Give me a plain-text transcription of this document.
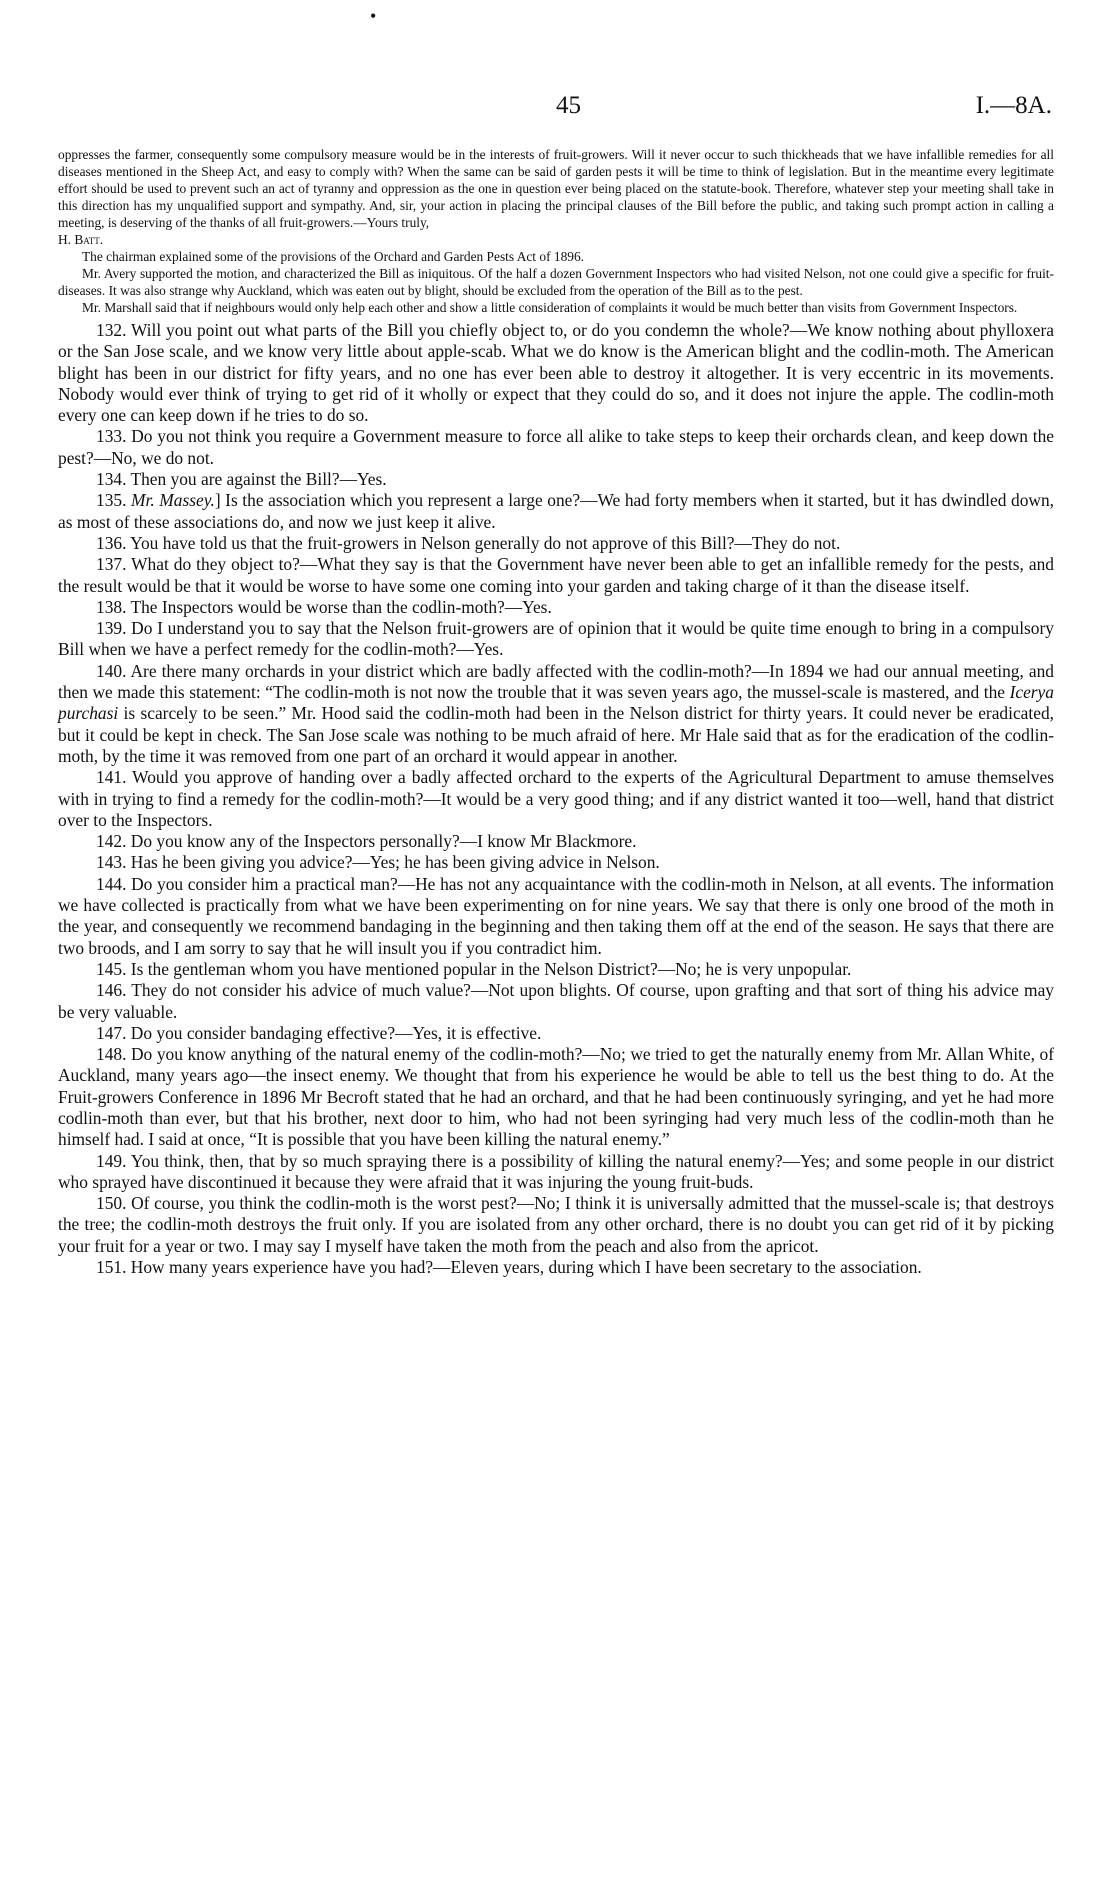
•
45	I.—8A.

oppresses the farmer, consequently some compulsory measure would be in the interests of fruit-growers. Will it never occur to such thickheads that we have infallible remedies for all diseases mentioned in the Sheep Act, and easy to comply with? When the same can be said of garden pests it will be time to think of legislation. But in the meantime every legitimate effort should be used to prevent such an act of tyranny and oppression as the one in question ever being placed on the statute-book. Therefore, whatever step your meeting shall take in this direction has my unqualified support and sympathy. And, sir, your action in placing the principal clauses of the Bill before the public, and taking such prompt action in calling a meeting, is deserving of the thanks of all fruit-growers.—Yours truly,

H. Batt.

The chairman explained some of the provisions of the Orchard and Garden Pests Act of 1896.

Mr. Avery supported the motion, and characterized the Bill as iniquitous. Of the half a dozen Government Inspectors who had visited Nelson, not one could give a specific for fruit-diseases. It was also strange why Auckland, which was eaten out by blight, should be excluded from the operation of the Bill as to the pest.

Mr. Marshall said that if neighbours would only help each other and show a little consideration of complaints it would be much better than visits from Government Inspectors.

132. Will you point out what parts of the Bill you chiefly object to, or do you condemn the whole?—We know nothing about phylloxera or the San Jose scale, and we know very little about apple-scab. What we do know is the American blight and the codlin-moth. The American blight has been in our district for fifty years, and no one has ever been able to destroy it altogether. It is very eccentric in its movements. Nobody would ever think of trying to get rid of it wholly or expect that they could do so, and it does not injure the apple. The codlin-moth every one can keep down if he tries to do so.

133. Do you not think you require a Government measure to force all alike to take steps to keep their orchards clean, and keep down the pest?—No, we do not.

134. Then you are against the Bill?—Yes.

135. Mr. Massey.] Is the association which you represent a large one?—We had forty members when it started, but it has dwindled down, as most of these associations do, and now we just keep it alive.

136. You have told us that the fruit-growers in Nelson generally do not approve of this Bill?—They do not.

137. What do they object to?—What they say is that the Government have never been able to get an infallible remedy for the pests, and the result would be that it would be worse to have some one coming into your garden and taking charge of it than the disease itself.

138. The Inspectors would be worse than the codlin-moth?—Yes.

139. Do I understand you to say that the Nelson fruit-growers are of opinion that it would be quite time enough to bring in a compulsory Bill when we have a perfect remedy for the codlin-moth?—Yes.

140. Are there many orchards in your district which are badly affected with the codlin-moth?—In 1894 we had our annual meeting, and then we made this statement: “The codlin-moth is not now the trouble that it was seven years ago, the mussel-scale is mastered, and the Icerya purchasi is scarcely to be seen.” Mr. Hood said the codlin-moth had been in the Nelson district for thirty years. It could never be eradicated, but it could be kept in check. The San Jose scale was nothing to be much afraid of here. Mr Hale said that as for the eradication of the codlin-moth, by the time it was removed from one part of an orchard it would appear in another.

141. Would you approve of handing over a badly affected orchard to the experts of the Agricultural Department to amuse themselves with in trying to find a remedy for the codlin-moth?—It would be a very good thing; and if any district wanted it too—well, hand that district over to the Inspectors.

142. Do you know any of the Inspectors personally?—I know Mr Blackmore.

143. Has he been giving you advice?—Yes; he has been giving advice in Nelson.

144. Do you consider him a practical man?—He has not any acquaintance with the codlin-moth in Nelson, at all events. The information we have collected is practically from what we have been experimenting on for nine years. We say that there is only one brood of the moth in the year, and consequently we recommend bandaging in the beginning and then taking them off at the end of the season. He says that there are two broods, and I am sorry to say that he will insult you if you contradict him.

145. Is the gentleman whom you have mentioned popular in the Nelson District?—No; he is very unpopular.

146. They do not consider his advice of much value?—Not upon blights. Of course, upon grafting and that sort of thing his advice may be very valuable.

147. Do you consider bandaging effective?—Yes, it is effective.

148. Do you know anything of the natural enemy of the codlin-moth?—No; we tried to get the naturally enemy from Mr. Allan White, of Auckland, many years ago—the insect enemy. We thought that from his experience he would be able to tell us the best thing to do. At the Fruit-growers Conference in 1896 Mr Becroft stated that he had an orchard, and that he had been continuously syringing, and yet he had more codlin-moth than ever, but that his brother, next door to him, who had not been syringing had very much less of the codlin-moth than he himself had. I said at once, “It is possible that you have been killing the natural enemy.”

149. You think, then, that by so much spraying there is a possibility of killing the natural enemy?—Yes; and some people in our district who sprayed have discontinued it because they were afraid that it was injuring the young fruit-buds.

150. Of course, you think the codlin-moth is the worst pest?—No; I think it is universally admitted that the mussel-scale is; that destroys the tree; the codlin-moth destroys the fruit only. If you are isolated from any other orchard, there is no doubt you can get rid of it by picking your fruit for a year or two. I may say I myself have taken the moth from the peach and also from the apricot.

151. How many years experience have you had?—Eleven years, during which I have been secretary to the association.
